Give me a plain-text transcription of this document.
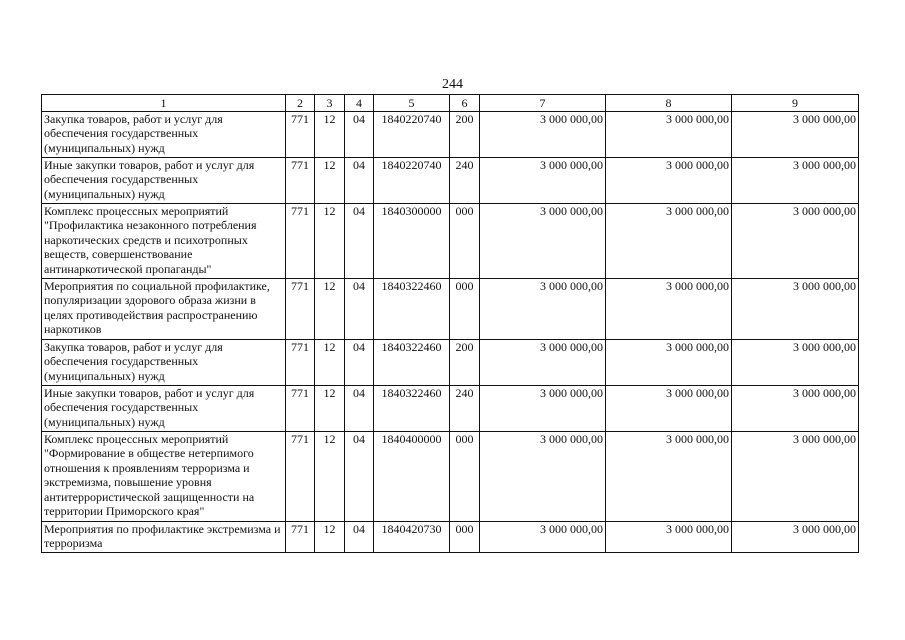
244
1	2	3	4	5	6	7	8	9
Закупка товаров, работ и услуг для обеспечения государственных (муниципальных) нужд	771	12	04	1840220740	200	3 000 000,00	3 000 000,00	3 000 000,00
Иные закупки товаров, работ и услуг для обеспечения государственных (муниципальных) нужд	771	12	04	1840220740	240	3 000 000,00	3 000 000,00	3 000 000,00
Комплекс процессных мероприятий "Профилактика незаконного потребления наркотических средств и психотропных веществ, совершенствование антинаркотической пропаганды"	771	12	04	1840300000	000	3 000 000,00	3 000 000,00	3 000 000,00
Мероприятия по социальной профилактике, популяризации здорового образа жизни в целях противодействия распространению наркотиков	771	12	04	1840322460	000	3 000 000,00	3 000 000,00	3 000 000,00
Закупка товаров, работ и услуг для обеспечения государственных (муниципальных) нужд	771	12	04	1840322460	200	3 000 000,00	3 000 000,00	3 000 000,00
Иные закупки товаров, работ и услуг для обеспечения государственных (муниципальных) нужд	771	12	04	1840322460	240	3 000 000,00	3 000 000,00	3 000 000,00
Комплекс процессных мероприятий "Формирование в обществе нетерпимого отношения к проявлениям терроризма и экстремизма, повышение уровня антитеррористической защищенности на территории Приморского края"	771	12	04	1840400000	000	3 000 000,00	3 000 000,00	3 000 000,00
Мероприятия по профилактике экстремизма и терроризма	771	12	04	1840420730	000	3 000 000,00	3 000 000,00	3 000 000,00
